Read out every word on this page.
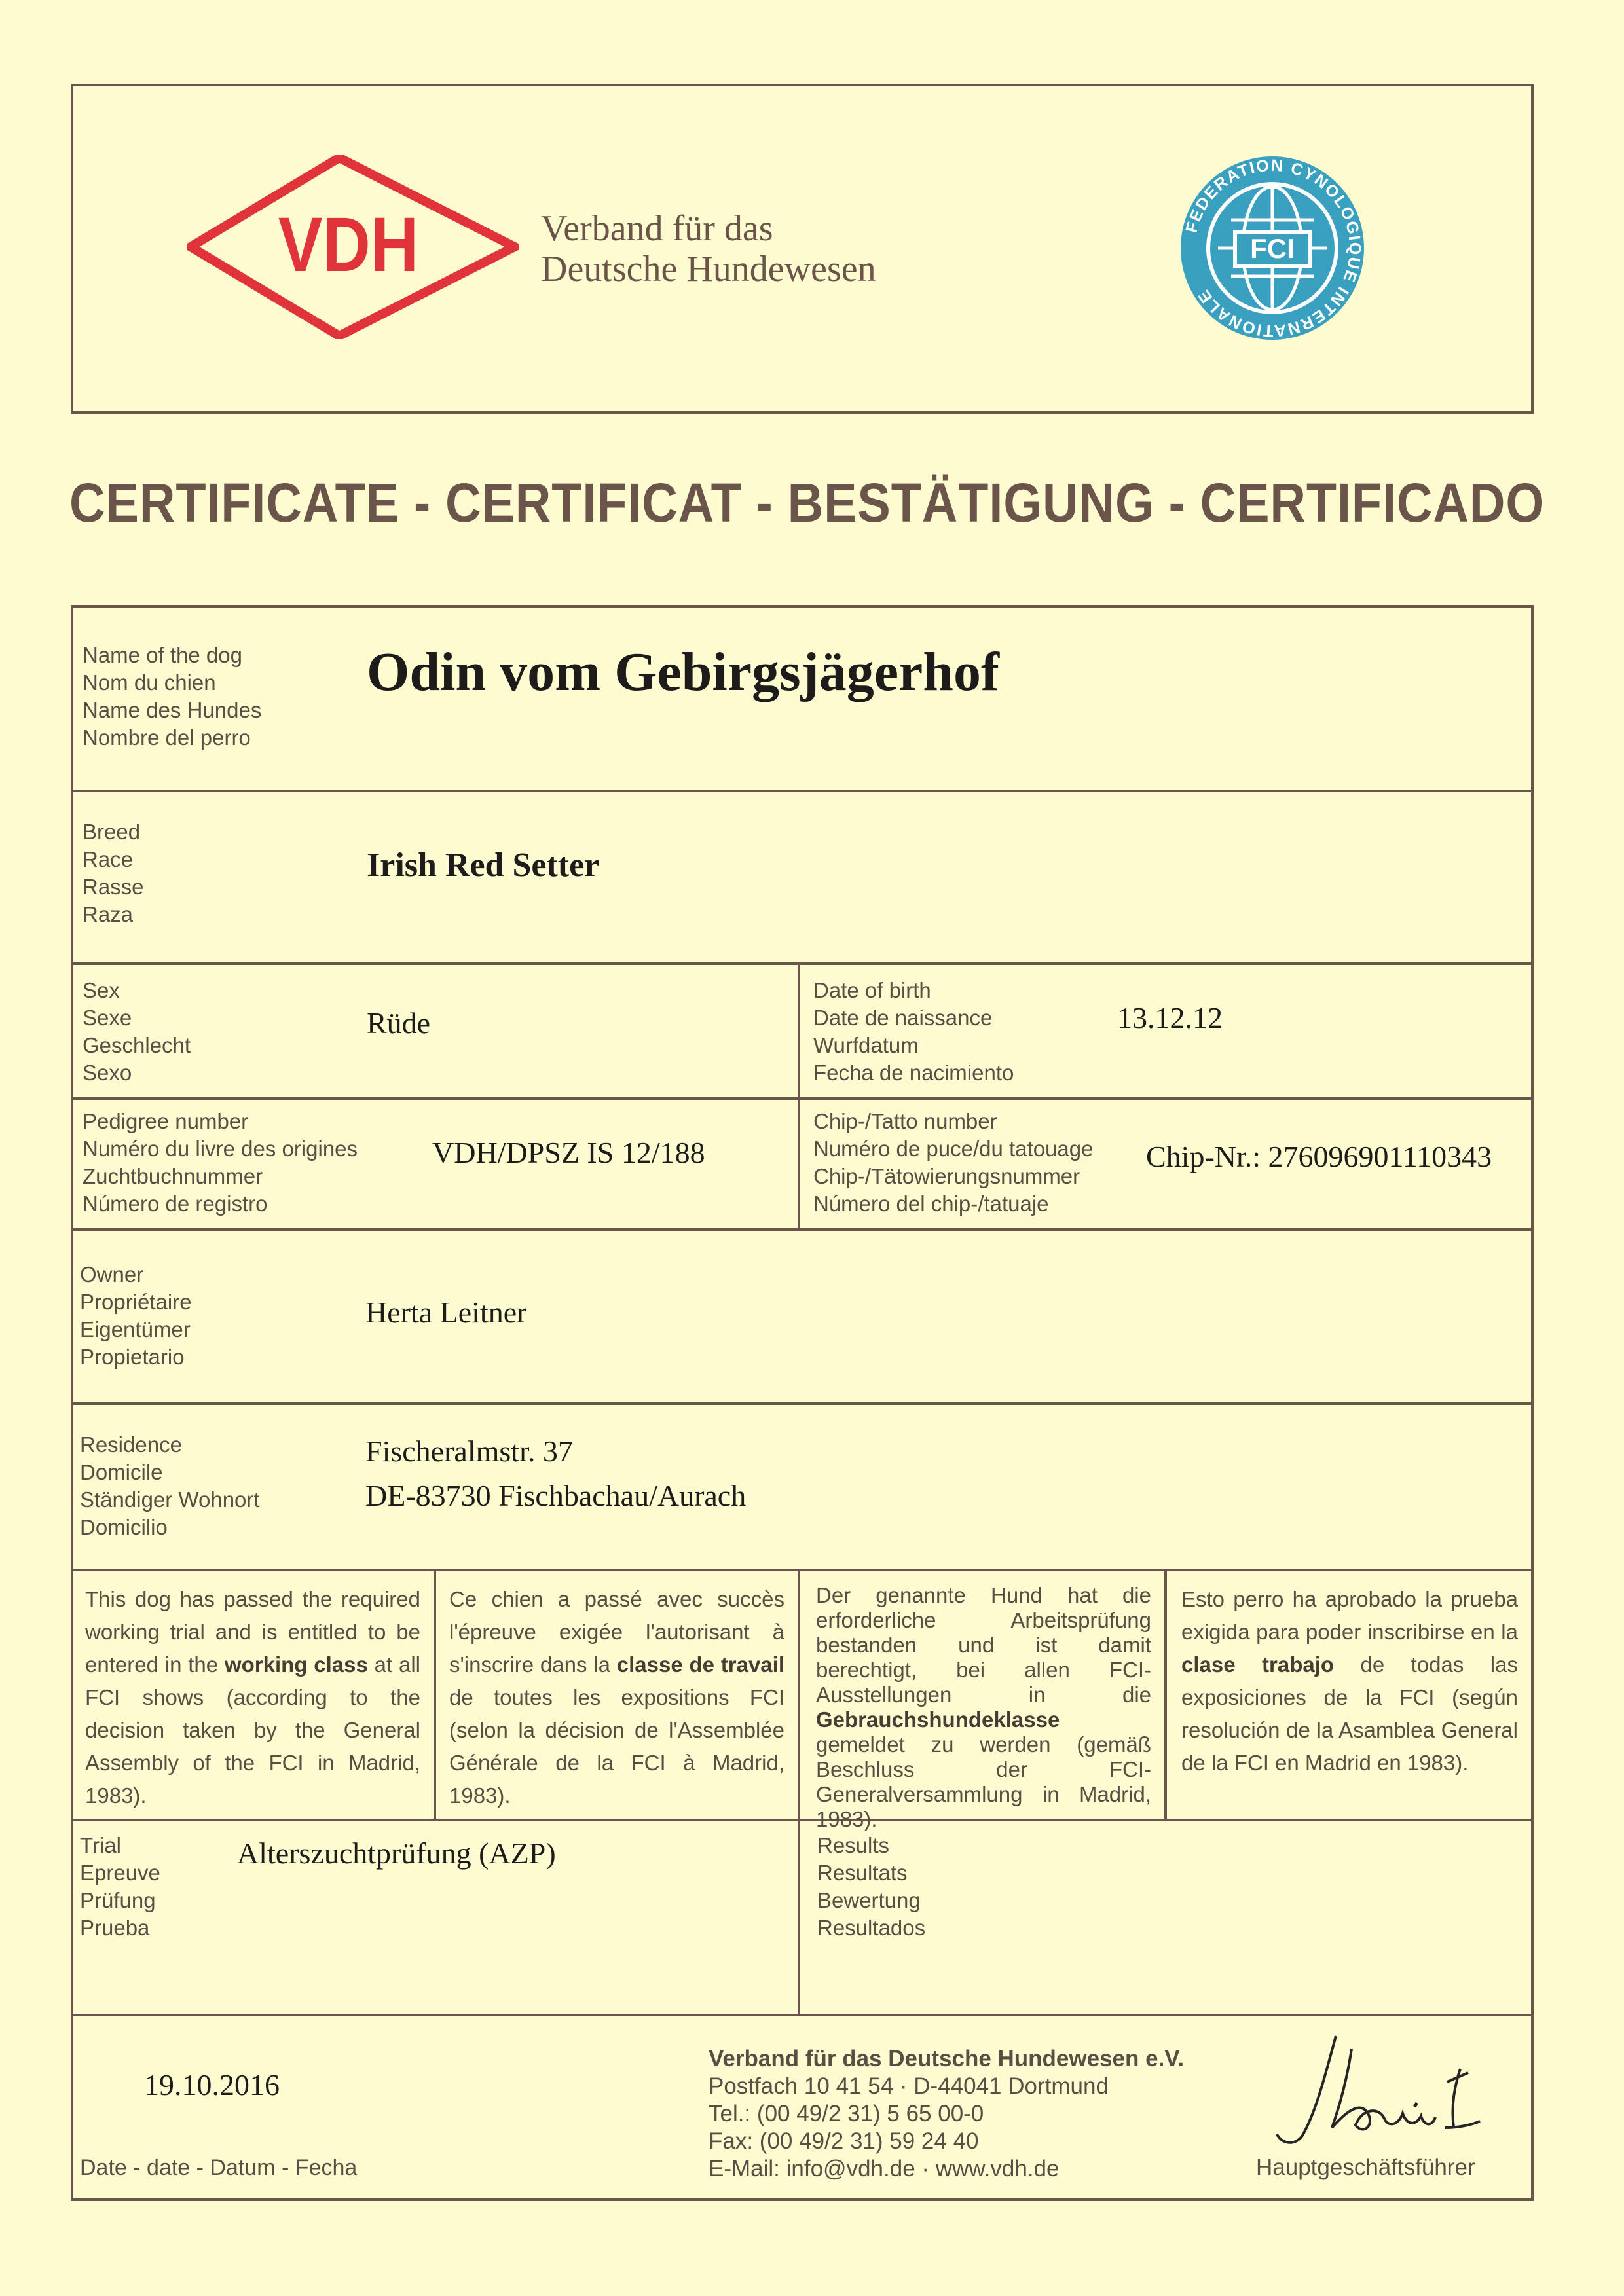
VDH	Verband für das
Deutsche Hundewesen
FCI
FEDERATION CYNOLOGIQUE INTERNATIONALE
CERTIFICATE - CERTIFICAT - BESTÄTIGUNG - CERTIFICADO
Name of the dog
Nom du chien
Name des Hundes
Nombre del perro
Odin vom Gebirgsjägerhof
Breed
Race
Rasse
Raza
Irish Red Setter
Sex
Sexe
Geschlecht
Sexo
Rüde
Date of birth
Date de naissance
Wurfdatum
Fecha de nacimiento
13.12.12
Pedigree number
Numéro du livre des origines
Zuchtbuchnummer
Número de registro
VDH/DPSZ IS 12/188
Chip-/Tatto number
Numéro de puce/du tatouage
Chip-/Tätowierungsnummer
Número del chip-/tatuaje
Chip-Nr.: 276096901110343
Owner
Propriétaire
Eigentümer
Propietario
Herta Leitner
Residence
Domicile
Ständiger Wohnort
Domicilio
Fischeralmstr. 37
DE-83730 Fischbachau/Aurach
This dog has passed the required working trial and is entitled to be entered in the working class at all FCI shows (according to the decision taken by the General Assembly of the FCI in Madrid, 1983).
Ce chien a passé avec succès l'épreuve exigée l'autorisant à s'inscrire dans la classe de travail de toutes les expositions FCI (selon la décision de l'Assemblée Générale de la FCI à Madrid, 1983).
Der genannte Hund hat die erforderliche Arbeitsprüfung bestanden und ist damit berechtigt, bei allen FCI-Ausstellungen in die Gebrauchshundeklasse gemeldet zu werden (gemäß Beschluss der FCI-Generalversammlung in Madrid, 1983).
Esto perro ha aprobado la prueba exigida para poder inscribirse en la clase trabajo de todas las exposiciones de la FCI (según resolución de la Asamblea General de la FCI en Madrid en 1983).
Trial
Epreuve
Prüfung
Prueba
Alterszuchtprüfung (AZP)	Results
Resultats
Bewertung
Resultados
19.10.2016
Date - date - Datum - Fecha
Verband für das Deutsche Hundewesen e.V.
Postfach 10 41 54 · D-44041 Dortmund
Tel.: (00 49/2 31) 5 65 00-0
Fax: (00 49/2 31) 59 24 40
E-Mail: info@vdh.de · www.vdh.de	Hauptgeschäftsführer
